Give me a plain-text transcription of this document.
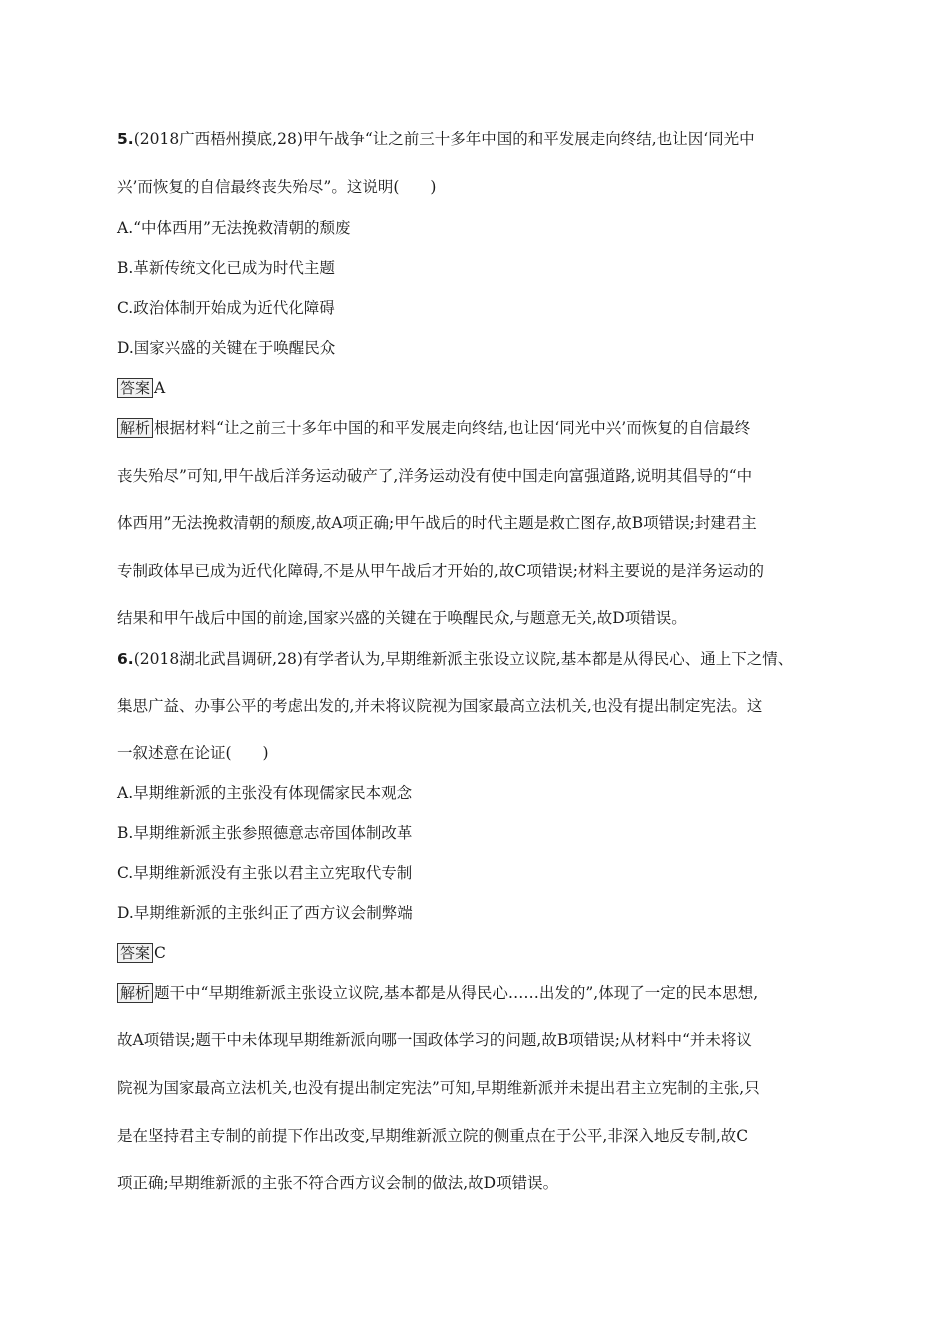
5.(2018广西梧州摸底,28)甲午战争“让之前三十多年中国的和平发展走向终结,也让因‘同光中
兴’而恢复的自信最终丧失殆尽”。这说明(　　)
A.“中体西用”无法挽救清朝的颓废
B.革新传统文化已成为时代主题
C.政治体制开始成为近代化障碍
D.国家兴盛的关键在于唤醒民众
答案 A
解析 根据材料“让之前三十多年中国的和平发展走向终结,也让因‘同光中兴’而恢复的自信最终
丧失殆尽”可知,甲午战后洋务运动破产了,洋务运动没有使中国走向富强道路,说明其倡导的“中
体西用”无法挽救清朝的颓废,故A项正确;甲午战后的时代主题是救亡图存,故B项错误;封建君主
专制政体早已成为近代化障碍,不是从甲午战后才开始的,故C项错误;材料主要说的是洋务运动的
结果和甲午战后中国的前途,国家兴盛的关键在于唤醒民众,与题意无关,故D项错误。
6.(2018湖北武昌调研,28)有学者认为,早期维新派主张设立议院,基本都是从得民心、通上下之情、
集思广益、办事公平的考虑出发的,并未将议院视为国家最高立法机关,也没有提出制定宪法。这
一叙述意在论证(　　)
A.早期维新派的主张没有体现儒家民本观念
B.早期维新派主张参照德意志帝国体制改革
C.早期维新派没有主张以君主立宪取代专制
D.早期维新派的主张纠正了西方议会制弊端
答案 C
解析 题干中“早期维新派主张设立议院,基本都是从得民心……出发的”,体现了一定的民本思想,
故A项错误;题干中未体现早期维新派向哪一国政体学习的问题,故B项错误;从材料中“并未将议
院视为国家最高立法机关,也没有提出制定宪法”可知,早期维新派并未提出君主立宪制的主张,只
是在坚持君主专制的前提下作出改变,早期维新派立院的侧重点在于公平,非深入地反专制,故C
项正确;早期维新派的主张不符合西方议会制的做法,故D项错误。
